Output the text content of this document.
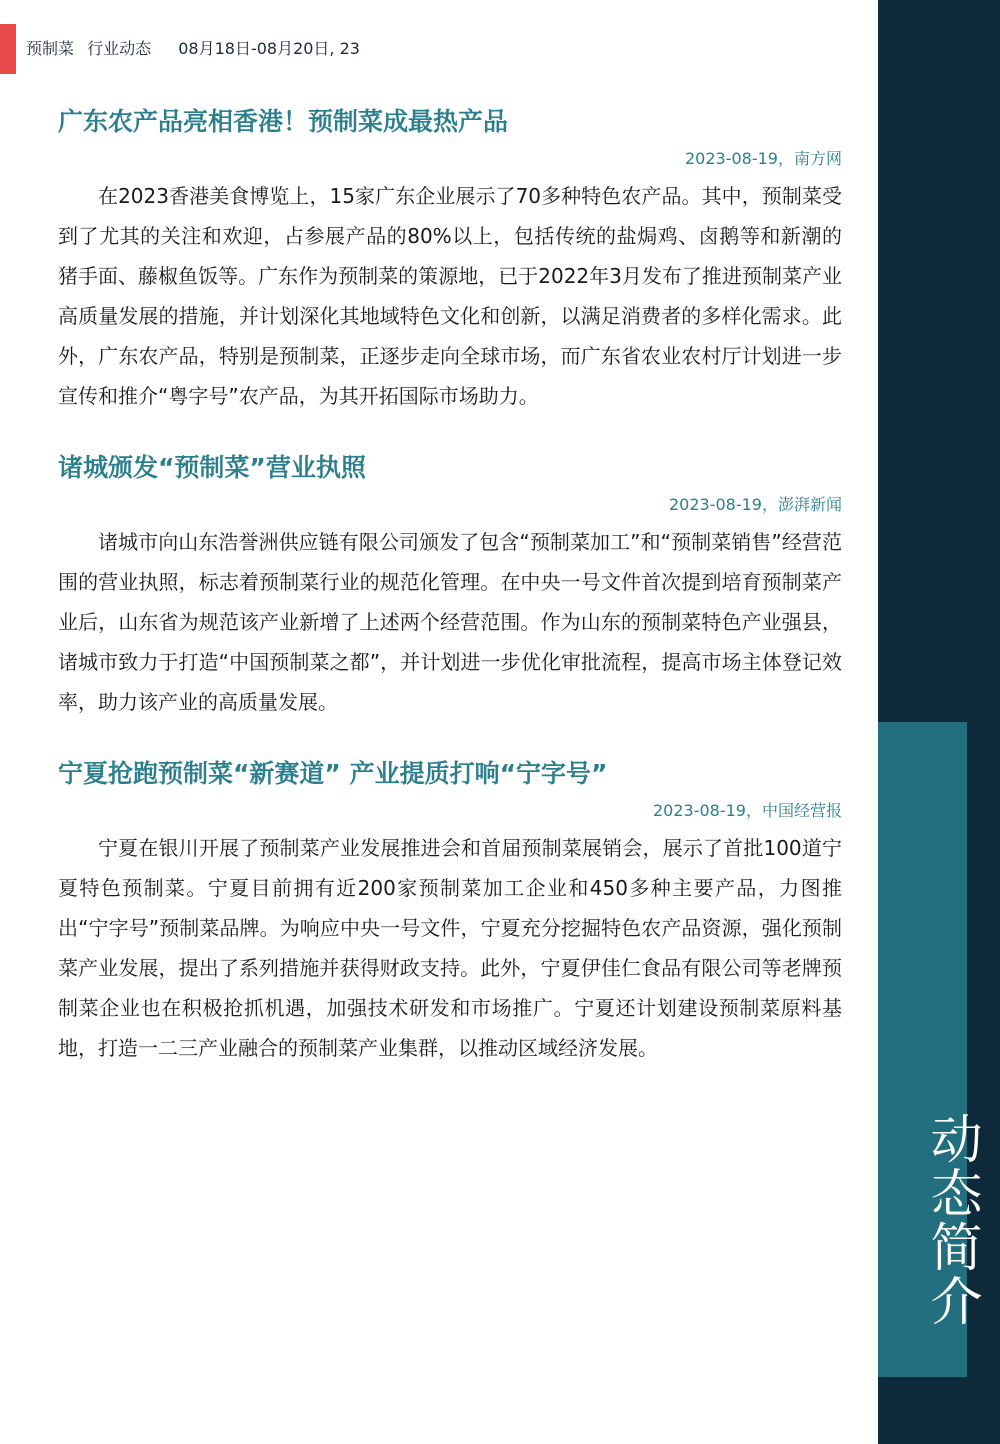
预制菜 行业动态 08月18日-08月20日, 23
动态简介
广东农产品亮相香港！预制菜成最热产品
2023-08-19，南方网

在2023香港美食博览上，15家广东企业展示了70多种特色农产品。其中，预制菜受到了尤其的关注和欢迎，占参展产品的80%以上，包括传统的盐焗鸡、卤鹅等和新潮的猪手面、藤椒鱼饭等。广东作为预制菜的策源地，已于2022年3月发布了推进预制菜产业高质量发展的措施，并计划深化其地域特色文化和创新，以满足消费者的多样化需求。此外，广东农产品，特别是预制菜，正逐步走向全球市场，而广东省农业农村厅计划进一步宣传和推介“粤字号”农产品，为其开拓国际市场助力。

诸城颁发“预制菜”营业执照
2023-08-19，澎湃新闻

诸城市向山东浩誉洲供应链有限公司颁发了包含“预制菜加工”和“预制菜销售”经营范围的营业执照，标志着预制菜行业的规范化管理。在中央一号文件首次提到培育预制菜产业后，山东省为规范该产业新增了上述两个经营范围。作为山东的预制菜特色产业强县，诸城市致力于打造“中国预制菜之都”，并计划进一步优化审批流程，提高市场主体登记效率，助力该产业的高质量发展。

宁夏抢跑预制菜“新赛道” 产业提质打响“宁字号”
2023-08-19，中国经营报

宁夏在银川开展了预制菜产业发展推进会和首届预制菜展销会，展示了首批100道宁夏特色预制菜。宁夏目前拥有近200家预制菜加工企业和450多种主要产品，力图推出“宁字号”预制菜品牌。为响应中央一号文件，宁夏充分挖掘特色农产品资源，强化预制菜产业发展，提出了系列措施并获得财政支持。此外，宁夏伊佳仁食品有限公司等老牌预制菜企业也在积极抢抓机遇，加强技术研发和市场推广。宁夏还计划建设预制菜原料基地，打造一二三产业融合的预制菜产业集群，以推动区域经济发展。
